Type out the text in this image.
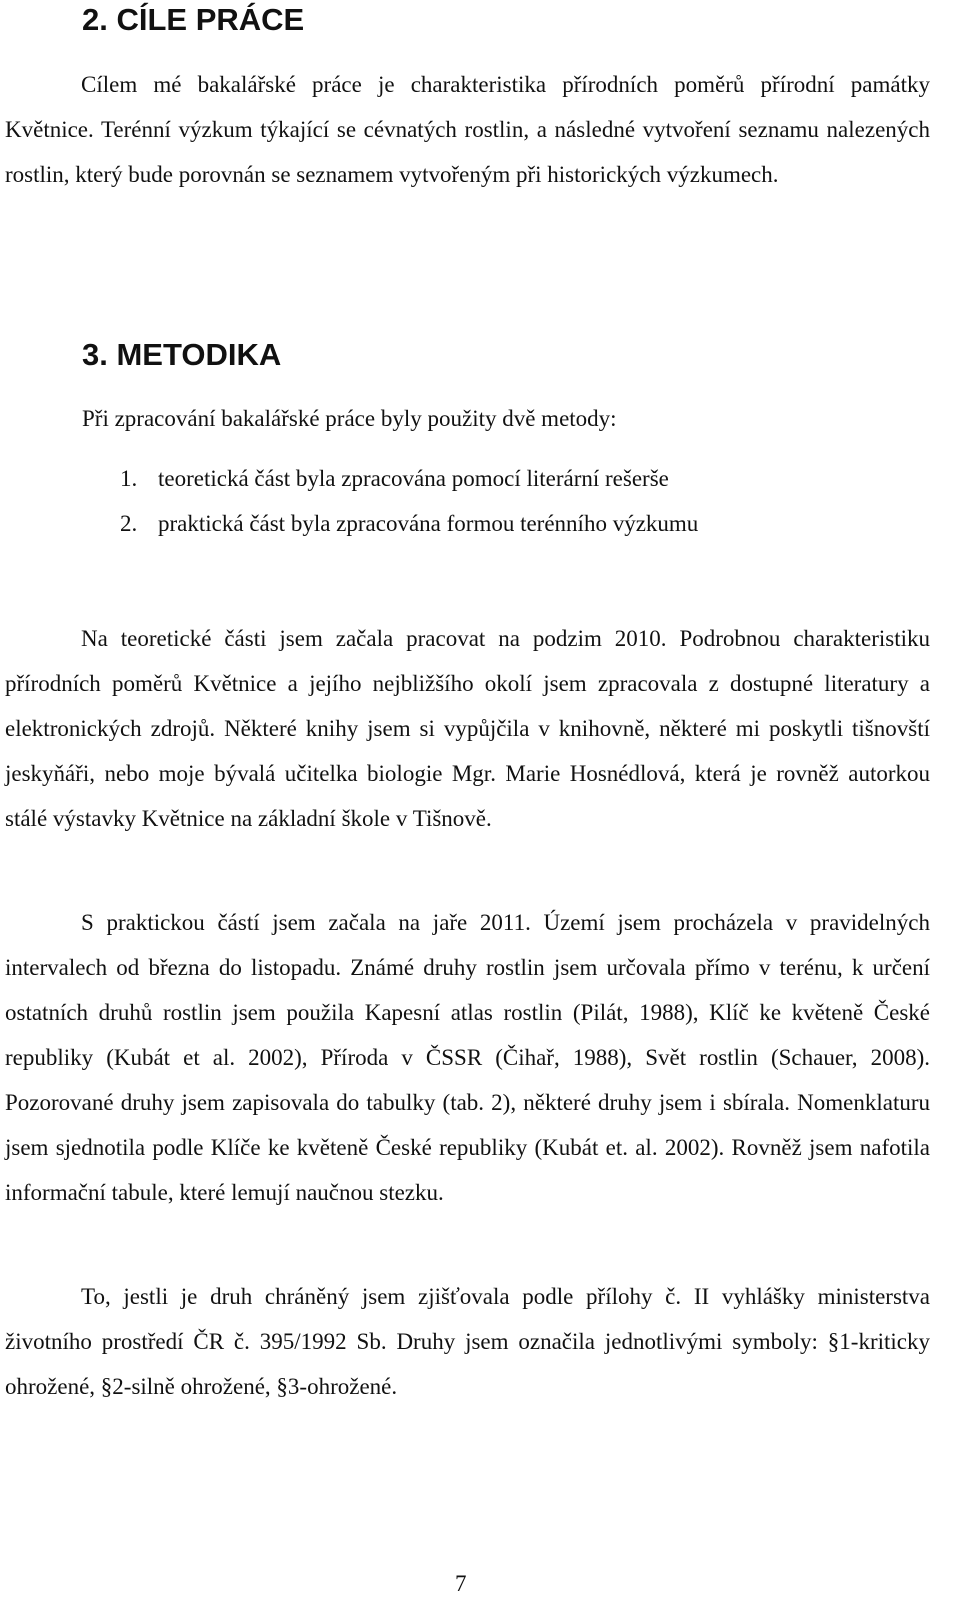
2. CÍLE PRÁCE

Cílem mé bakalářské práce je charakteristika přírodních poměrů přírodní památky Květnice. Terénní výzkum týkající se cévnatých rostlin, a následné vytvoření seznamu nalezených rostlin, který bude porovnán se seznamem vytvořeným při historických výzkumech.

3. METODIKA

Při zpracování bakalářské práce byly použity dvě metody:

1. teoretická část byla zpracována pomocí literární rešerše
2. praktická část byla zpracována formou terénního výzkumu

Na teoretické části jsem začala pracovat na podzim 2010. Podrobnou charakteristiku přírodních poměrů Květnice a jejího nejbližšího okolí jsem zpracovala z dostupné literatury a elektronických zdrojů. Některé knihy jsem si vypůjčila v knihovně, některé mi poskytli tišnovští jeskyňáři, nebo moje bývalá učitelka biologie Mgr. Marie Hosnédlová, která je rovněž autorkou stálé výstavky Květnice na základní škole v Tišnově.

S praktickou částí jsem začala na jaře 2011. Území jsem procházela v pravidelných intervalech od března do listopadu. Známé druhy rostlin jsem určovala přímo v terénu, k určení ostatních druhů rostlin jsem použila Kapesní atlas rostlin (Pilát, 1988), Klíč ke květeně České republiky (Kubát et al. 2002), Příroda v ČSSR (Čihař, 1988), Svět rostlin (Schauer, 2008). Pozorované druhy jsem zapisovala do tabulky (tab. 2), některé druhy jsem i sbírala. Nomenklaturu jsem sjednotila podle Klíče ke květeně České republiky (Kubát et. al. 2002). Rovněž jsem nafotila informační tabule, které lemují naučnou stezku.

To, jestli je druh chráněný jsem zjišťovala podle přílohy č. II vyhlášky ministerstva životního prostředí ČR č. 395/1992 Sb. Druhy jsem označila jednotlivými symboly: §1-kriticky ohrožené, §2-silně ohrožené, §3-ohrožené.

7
